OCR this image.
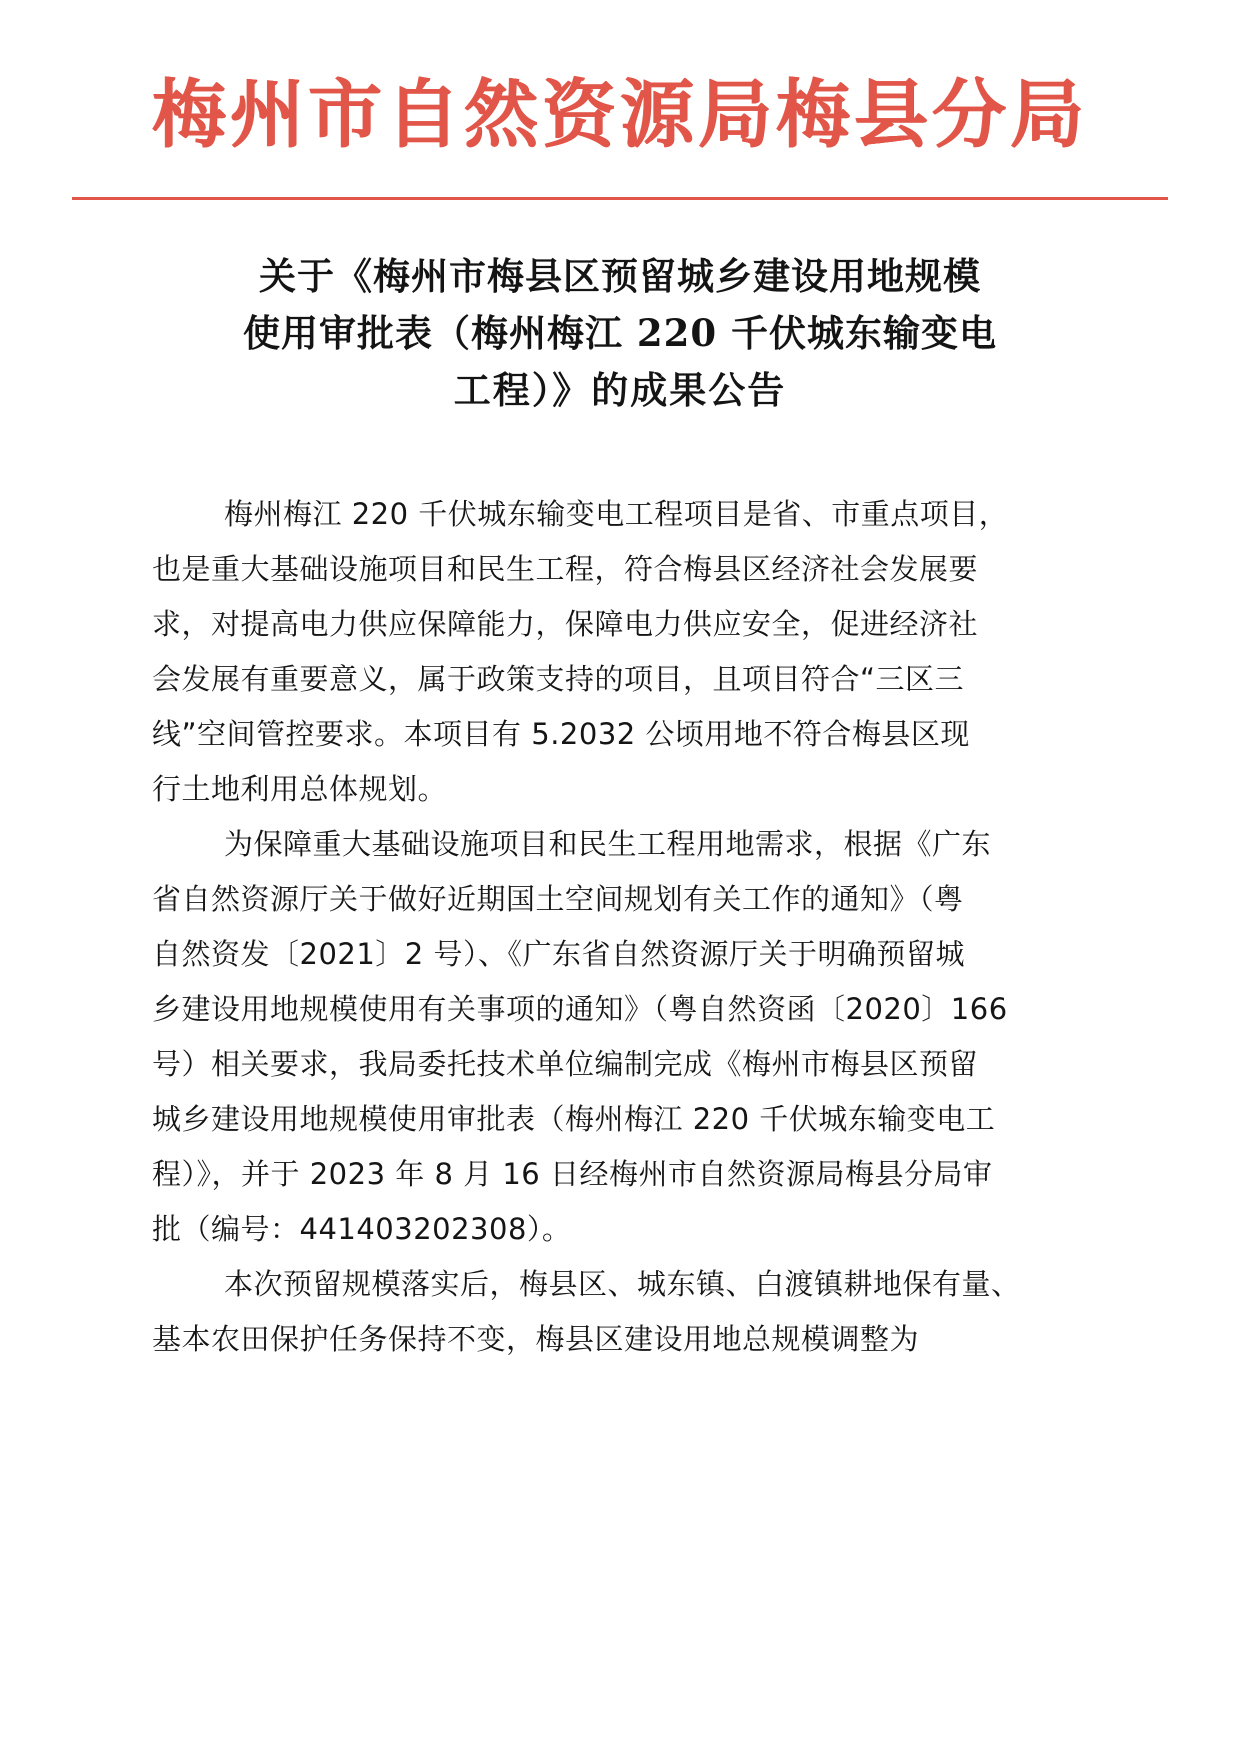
梅州市自然资源局梅县分局
关于《梅州市梅县区预留城乡建设用地规模
使用审批表（梅州梅江 220 千伏城东输变电
工程）》的成果公告

梅州梅江 220 千伏城东输变电工程项目是省、市重点项目，
也是重大基础设施项目和民生工程，符合梅县区经济社会发展要
求，对提高电力供应保障能力，保障电力供应安全，促进经济社
会发展有重要意义，属于政策支持的项目，且项目符合“三区三
线”空间管控要求。本项目有 5.2032 公顷用地不符合梅县区现
行土地利用总体规划。

为保障重大基础设施项目和民生工程用地需求，根据《广东
省自然资源厅关于做好近期国土空间规划有关工作的通知》（粤
自然资发〔2021〕2 号）、《广东省自然资源厅关于明确预留城
乡建设用地规模使用有关事项的通知》（粤自然资函〔2020〕166
号）相关要求，我局委托技术单位编制完成《梅州市梅县区预留
城乡建设用地规模使用审批表（梅州梅江 220 千伏城东输变电工
程）》，并于 2023 年 8 月 16 日经梅州市自然资源局梅县分局审
批（编号：441403202308）。

本次预留规模落实后，梅县区、城东镇、白渡镇耕地保有量、
基本农田保护任务保持不变，梅县区建设用地总规模调整为
